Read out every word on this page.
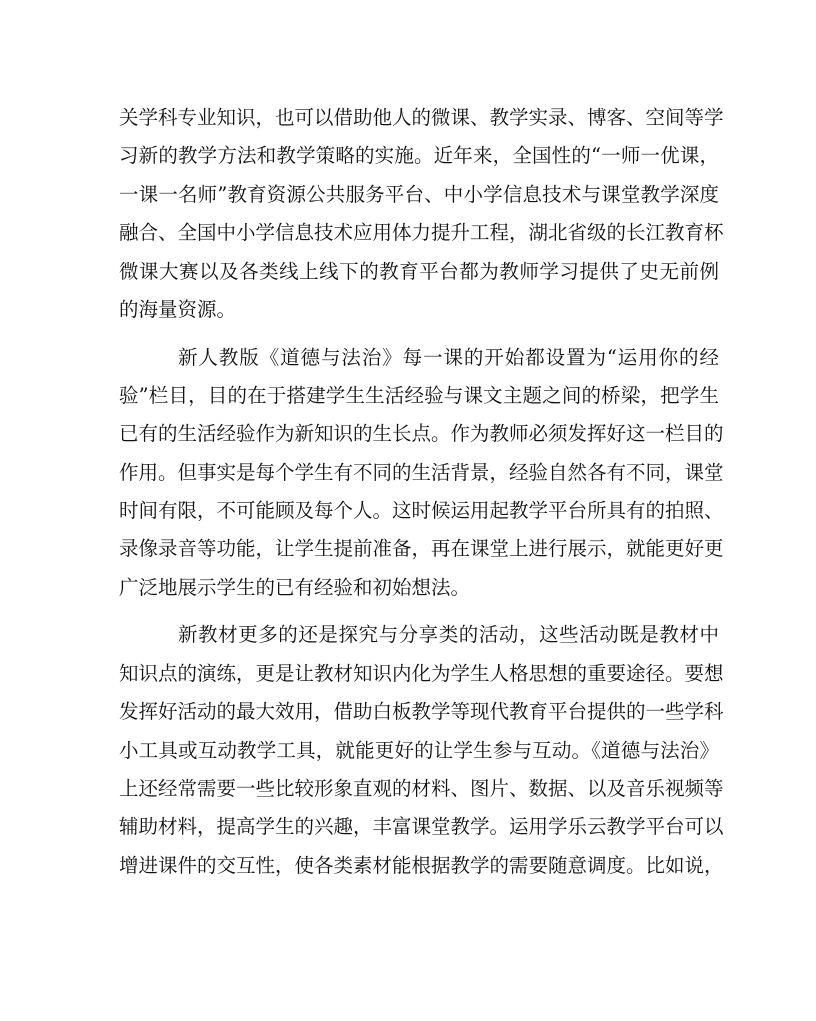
关学科专业知识，也可以借助他人的微课、教学实录、博客、空间等学
习新的教学方法和教学策略的实施。近年来，全国性的“一师一优课，
一课一名师”教育资源公共服务平台、中小学信息技术与课堂教学深度
融合、全国中小学信息技术应用体力提升工程，湖北省级的长江教育杯
微课大赛以及各类线上线下的教育平台都为教师学习提供了史无前例
的海量资源。
新人教版《道德与法治》每一课的开始都设置为“运用你的经
验”栏目，目的在于搭建学生生活经验与课文主题之间的桥梁，把学生
已有的生活经验作为新知识的生长点。作为教师必须发挥好这一栏目的
作用。但事实是每个学生有不同的生活背景，经验自然各有不同，课堂
时间有限，不可能顾及每个人。这时候运用起教学平台所具有的拍照、
录像录音等功能，让学生提前准备，再在课堂上进行展示，就能更好更
广泛地展示学生的已有经验和初始想法。
新教材更多的还是探究与分享类的活动，这些活动既是教材中
知识点的演练，更是让教材知识内化为学生人格思想的重要途径。要想
发挥好活动的最大效用，借助白板教学等现代教育平台提供的一些学科
小工具或互动教学工具，就能更好的让学生参与互动。《道德与法治》
上还经常需要一些比较形象直观的材料、图片、数据、以及音乐视频等
辅助材料，提高学生的兴趣，丰富课堂教学。运用学乐云教学平台可以
增进课件的交互性，使各类素材能根据教学的需要随意调度。比如说，
